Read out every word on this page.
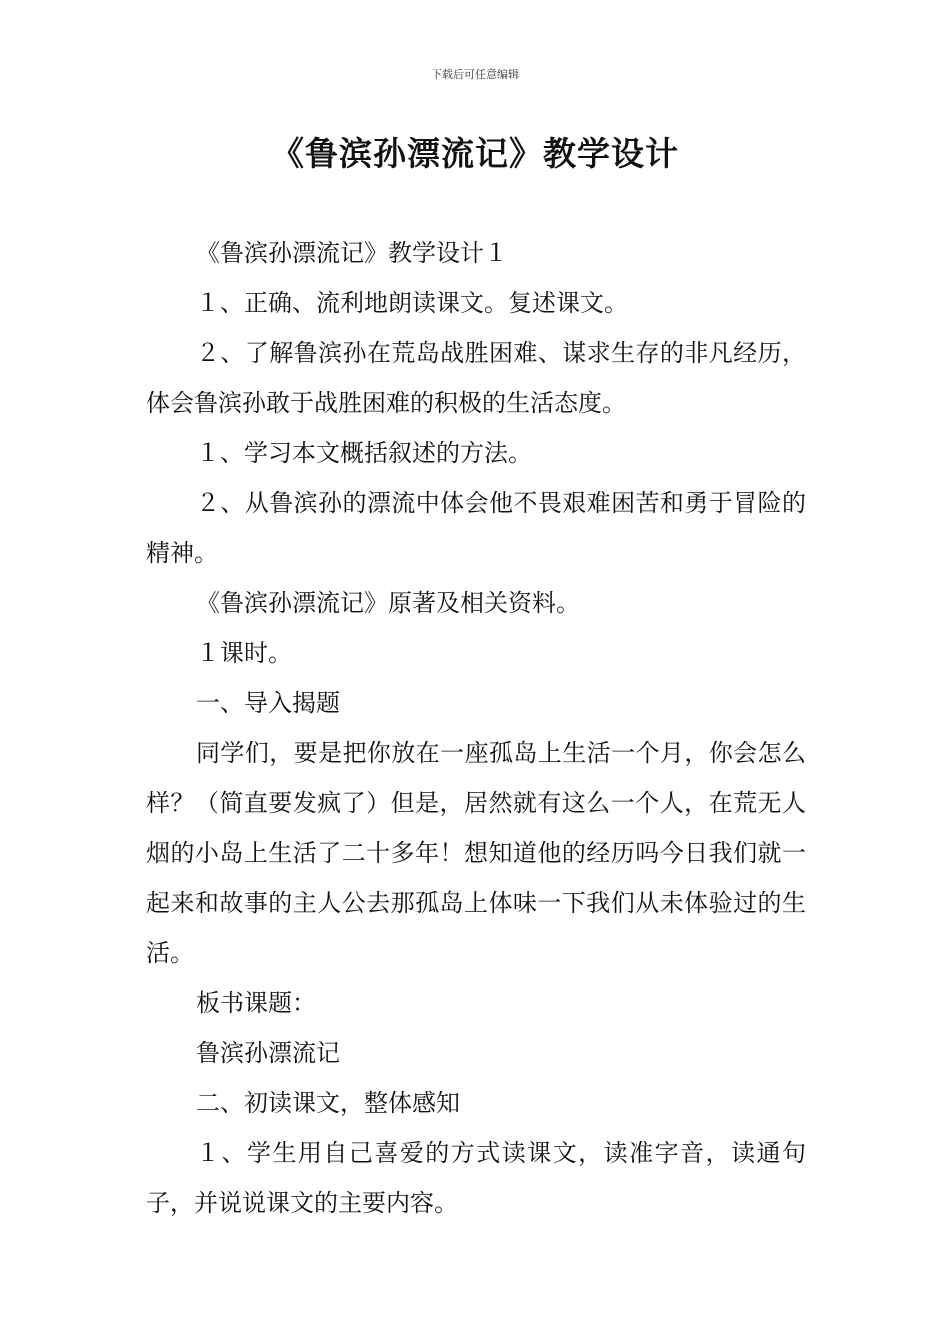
下载后可任意编辑
《鲁滨孙漂流记》教学设计

《鲁滨孙漂流记》教学设计１

１、正确、流利地朗读课文。复述课文。

２、了解鲁滨孙在荒岛战胜困难、谋求生存的非凡经历，体会鲁滨孙敢于战胜困难的积极的生活态度。

１、学习本文概括叙述的方法。

２、从鲁滨孙的漂流中体会他不畏艰难困苦和勇于冒险的精神。

《鲁滨孙漂流记》原著及相关资料。

１课时。

一、导入揭题

同学们，要是把你放在一座孤岛上生活一个月，你会怎么样？（简直要发疯了）但是，居然就有这么一个人，在荒无人烟的小岛上生活了二十多年！想知道他的经历吗今日我们就一起来和故事的主人公去那孤岛上体味一下我们从未体验过的生活。

板书课题：

鲁滨孙漂流记

二、初读课文，整体感知

１、学生用自己喜爱的方式读课文，读准字音，读通句子，并说说课文的主要内容。
